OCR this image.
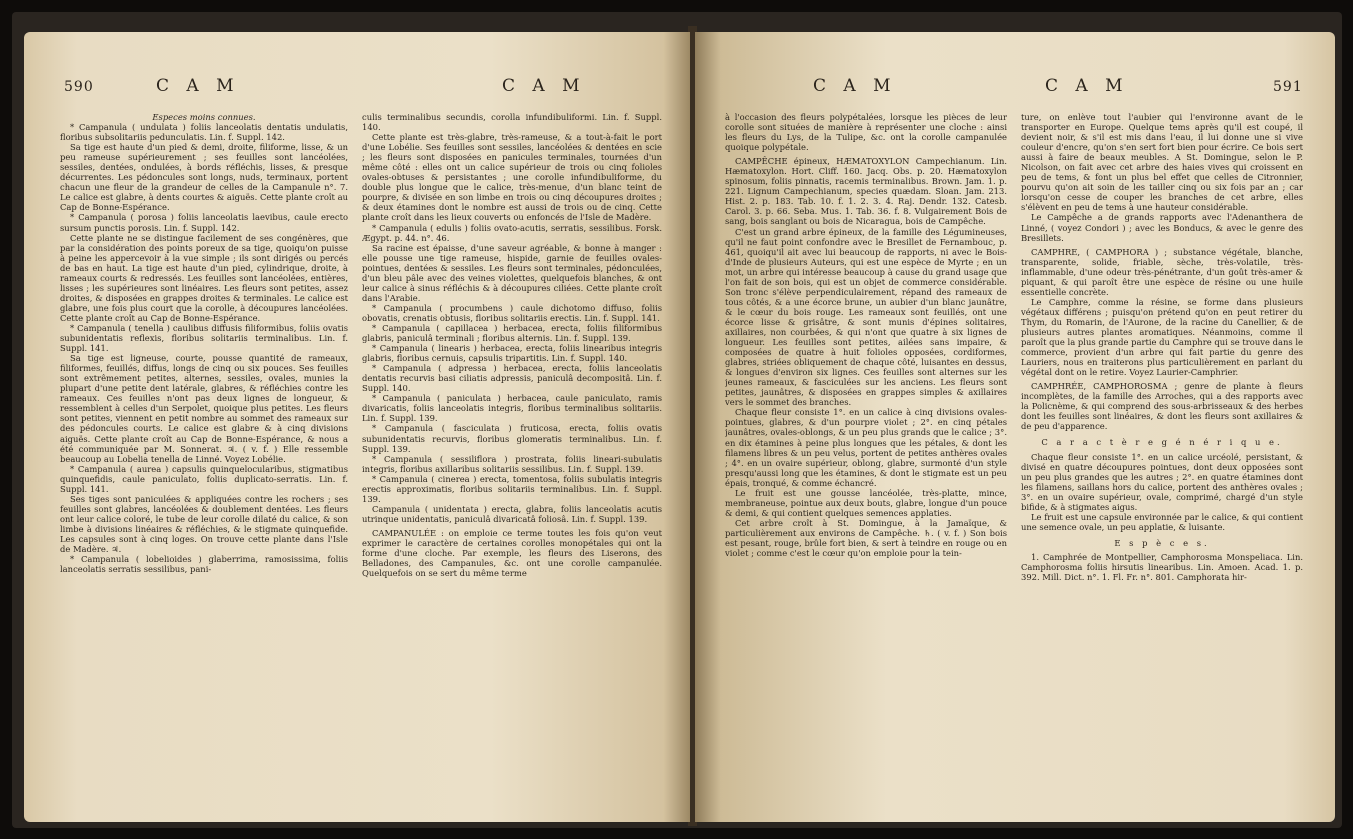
590	C A M	C A M

Especes moins connues.

* Campanula ( undulata ) foliis lanceolatis dentatis undulatis, floribus subsolitariis pedunculatis. Lin. f. Suppl. 142.

Sa tige est haute d'un pied & demi, droite, filiforme, lisse, & un peu rameuse supérieurement ; ses feuilles sont lancéolées, sessiles, dentées, ondulées, à bords réfléchis, lisses, & presque décurrentes. Les pédoncules sont longs, nuds, terminaux, portent chacun une fleur de la grandeur de celles de la Campanule n°. 7. Le calice est glabre, à dents courtes & aiguës. Cette plante croît au Cap de Bonne-Espérance.

* Campanula ( porosa ) foliis lanceolatis laevibus, caule erecto sursum punctis porosis. Lin. f. Suppl. 142.

Cette plante ne se distingue facilement de ses congénères, que par la considération des points poreux de sa tige, quoiqu'on puisse à peine les appercevoir à la vue simple ; ils sont dirigés ou percés de bas en haut. La tige est haute d'un pied, cylindrique, droite, à rameaux courts & redressés. Les feuilles sont lancéolées, entières, lisses ; les supérieures sont linéaires. Les fleurs sont petites, assez droites, & disposées en grappes droites & terminales. Le calice est glabre, une fois plus court que la corolle, à découpures lancéolées. Cette plante croît au Cap de Bonne-Espérance.

* Campanula ( tenella ) caulibus diffusis filiformibus, foliis ovatis subunidentatis reflexis, floribus solitariis terminalibus. Lin. f. Suppl. 141.

Sa tige est ligneuse, courte, pousse quantité de rameaux, filiformes, feuillés, diffus, longs de cinq ou six pouces. Ses feuilles sont extrêmement petites, alternes, sessiles, ovales, munies la plupart d'une petite dent latérale, glabres, & réfléchies contre les rameaux. Ces feuilles n'ont pas deux lignes de longueur, & ressemblent à celles d'un Serpolet, quoique plus petites. Les fleurs sont petites, viennent en petit nombre au sommet des rameaux sur des pédoncules courts. Le calice est glabre & à cinq divisions aiguës. Cette plante croît au Cap de Bonne-Espérance, & nous a été communiquée par M. Sonnerat. ♃. ( v. f. ) Elle ressemble beaucoup au Lobelia tenella de Linné. Voyez Lobélie.

* Campanula ( aurea ) capsulis quinquelocularibus, stigmatibus quinquefidis, caule paniculato, foliis duplicato-serratis. Lin. f. Suppl. 141.

Ses tiges sont paniculées & appliquées contre les rochers ; ses feuilles sont glabres, lancéolées & doublement dentées. Les fleurs ont leur calice coloré, le tube de leur corolle dilaté du calice, & son limbe à divisions linéaires & réfléchies, & le stigmate quinquefide. Les capsules sont à cinq loges. On trouve cette plante dans l'Isle de Madère. ♃.

* Campanula ( lobelioides ) glaberrima, ramosissima, foliis lanceolatis serratis sessilibus, pani-

culis terminalibus secundis, corolla infundibuliformi. Lin. f. Suppl. 140.

Cette plante est très-glabre, très-rameuse, & a tout-à-fait le port d'une Lobélie. Ses feuilles sont sessiles, lancéolées & dentées en scie ; les fleurs sont disposées en panicules terminales, tournées d'un même côté : elles ont un calice supérieur de trois ou cinq folioles ovales-obtuses & persistantes ; une corolle infundibuliforme, du double plus longue que le calice, très-menue, d'un blanc teint de pourpre, & divisée en son limbe en trois ou cinq découpures droites ; & deux étamines dont le nombre est aussi de trois ou de cinq. Cette plante croît dans les lieux couverts ou enfoncés de l'Isle de Madère.

* Campanula ( edulis ) foliis ovato-acutis, serratis, sessilibus. Forsk. Ægypt. p. 44. n°. 46.

Sa racine est épaisse, d'une saveur agréable, & bonne à manger : elle pousse une tige rameuse, hispide, garnie de feuilles ovales-pointues, dentées & sessiles. Les fleurs sont terminales, pédonculées, d'un bleu pâle avec des veines violettes, quelquefois blanches, & ont leur calice à sinus réfléchis & à découpures ciliées. Cette plante croît dans l'Arabie.

* Campanula ( procumbens ) caule dichotomo diffuso, foliis obovatis, crenatis obtusis, floribus solitariis erectis. Lin. f. Suppl. 141.

* Campanula ( capillacea ) herbacea, erecta, foliis filiformibus glabris, paniculâ terminali ; floribus alternis. Lin. f. Suppl. 139.

* Campanula ( linearis ) herbacea, erecta, foliis linearibus integris glabris, floribus cernuis, capsulis tripartitis. Lin. f. Suppl. 140.

* Campanula ( adpressa ) herbacea, erecta, foliis lanceolatis dentatis recurvis basi ciliatis adpressis, paniculâ decompositâ. Lin. f. Suppl. 140.

* Campanula ( paniculata ) herbacea, caule paniculato, ramis divaricatis, foliis lanceolatis integris, floribus terminalibus solitariis. Lin. f. Suppl. 139.

* Campanula ( fasciculata ) fruticosa, erecta, foliis ovatis subunidentatis recurvis, floribus glomeratis terminalibus. Lin. f. Suppl. 139.

* Campanula ( sessiliflora ) prostrata, foliis lineari-subulatis integris, floribus axillaribus solitariis sessilibus. Lin. f. Suppl. 139.

* Campanula ( cinerea ) erecta, tomentosa, foliis subulatis integris erectis approximatis, floribus solitariis terminalibus. Lin. f. Suppl. 139.

Campanula ( unidentata ) erecta, glabra, foliis lanceolatis acutis utrinque unidentatis, paniculâ divaricatâ foliosâ. Lin. f. Suppl. 139.

CAMPANULÉE : on emploie ce terme toutes les fois qu'on veut exprimer le caractère de certaines corolles monopétales qui ont la forme d'une cloche. Par exemple, les fleurs des Liserons, des Belladones, des Campanules, &c. ont une corolle campanulée. Quelquefois on se sert du même terme

C A M	C A M	591

à l'occasion des fleurs polypétalées, lorsque les pièces de leur corolle sont situées de manière à représenter une cloche : ainsi les fleurs du Lys, de la Tulipe, &c. ont la corolle campanulée quoique polypétale.

CAMPÊCHE épineux, HÆMATOXYLON Campechianum. Lin. Hæmatoxylon. Hort. Cliff. 160. Jacq. Obs. p. 20. Hæmatoxylon spinosum, foliis pinnatis, racemis terminalibus. Brown. Jam. 1. p. 221. Lignum Campechianum, species quædam. Sloan. Jam. 213. Hist. 2. p. 183. Tab. 10. f. 1. 2. 3. 4. Raj. Dendr. 132. Catesb. Carol. 3. p. 66. Seba. Mus. 1. Tab. 36. f. 8. Vulgairement Bois de sang, bois sanglant ou bois de Nicaragua, bois de Campêche.

C'est un grand arbre épineux, de la famille des Légumineuses, qu'il ne faut point confondre avec le Bresillet de Fernambouc, p. 461, quoiqu'il ait avec lui beaucoup de rapports, ni avec le Bois-d'Inde de plusieurs Auteurs, qui est une espèce de Myrte ; en un mot, un arbre qui intéresse beaucoup à cause du grand usage que l'on fait de son bois, qui est un objet de commerce considérable. Son tronc s'élève perpendiculairement, répand des rameaux de tous côtés, & a une écorce brune, un aubier d'un blanc jaunâtre, & le cœur du bois rouge. Les rameaux sont feuillés, ont une écorce lisse & grisâtre, & sont munis d'épines solitaires, axillaires, non courbées, & qui n'ont que quatre à six lignes de longueur. Les feuilles sont petites, ailées sans impaire, & composées de quatre à huit folioles opposées, cordiformes, glabres, striées obliquement de chaque côté, luisantes en dessus, & longues d'environ six lignes. Ces feuilles sont alternes sur les jeunes rameaux, & fasciculées sur les anciens. Les fleurs sont petites, jaunâtres, & disposées en grappes simples & axillaires vers le sommet des branches.

Chaque fleur consiste 1°. en un calice à cinq divisions ovales-pointues, glabres, & d'un pourpre violet ; 2°. en cinq pétales jaunâtres, ovales-oblongs, & un peu plus grands que le calice ; 3°. en dix étamines à peine plus longues que les pétales, & dont les filamens libres & un peu velus, portent de petites anthères ovales ; 4°. en un ovaire supérieur, oblong, glabre, surmonté d'un style presqu'aussi long que les étamines, & dont le stigmate est un peu épais, tronqué, & comme échancré.

Le fruit est une gousse lancéolée, très-platte, mince, membraneuse, pointue aux deux bouts, glabre, longue d'un pouce & demi, & qui contient quelques semences applaties.

Cet arbre croît à St. Domingue, à la Jamaïque, & particulièrement aux environs de Campêche. ♄. ( v. f. ) Son bois est pesant, rouge, brûle fort bien, & sert à teindre en rouge ou en violet ; comme c'est le cœur qu'on emploie pour la tein-

ture, on enlève tout l'aubier qui l'environne avant de le transporter en Europe. Quelque tems après qu'il est coupé, il devient noir, & s'il est mis dans l'eau, il lui donne une si vive couleur d'encre, qu'on s'en sert fort bien pour écrire. Ce bois sert aussi à faire de beaux meubles. A St. Domingue, selon le P. Nicolson, on fait avec cet arbre des haies vives qui croissent en peu de tems, & font un plus bel effet que celles de Citronnier, pourvu qu'on ait soin de les tailler cinq ou six fois par an ; car lorsqu'on cesse de couper les branches de cet arbre, elles s'élèvent en peu de tems à une hauteur considérable.

Le Campêche a de grands rapports avec l'Adenanthera de Linné, ( voyez Condori ) ; avec les Bonducs, & avec le genre des Bresillets.

CAMPHRE, ( CAMPHORA ) ; substance végétale, blanche, transparente, solide, friable, sèche, très-volatile, très-inflammable, d'une odeur très-pénétrante, d'un goût très-amer & piquant, & qui paroît être une espèce de résine ou une huile essentielle concrète.

Le Camphre, comme la résine, se forme dans plusieurs végétaux différens ; puisqu'on prétend qu'on en peut retirer du Thym, du Romarin, de l'Aurone, de la racine du Canellier, & de plusieurs autres plantes aromatiques. Néanmoins, comme il paroît que la plus grande partie du Camphre qui se trouve dans le commerce, provient d'un arbre qui fait partie du genre des Lauriers, nous en traiterons plus particulièrement en parlant du végétal dont on le retire. Voyez Laurier-Camphrier.

CAMPHRÉE, CAMPHOROSMA ; genre de plante à fleurs incomplètes, de la famille des Arroches, qui a des rapports avec la Policnème, & qui comprend des sous-arbrisseaux & des herbes dont les feuilles sont linéaires, & dont les fleurs sont axillaires & de peu d'apparence.

C a r a c t è r e g é n é r i q u e.

Chaque fleur consiste 1°. en un calice urcéolé, persistant, & divisé en quatre découpures pointues, dont deux opposées sont un peu plus grandes que les autres ; 2°. en quatre étamines dont les filamens, saillans hors du calice, portent des anthères ovales ; 3°. en un ovaire supérieur, ovale, comprimé, chargé d'un style bifide, & à stigmates aigus.

Le fruit est une capsule environnée par le calice, & qui contient une semence ovale, un peu applatie, & luisante.

E s p è c e s.

1. Camphrée de Montpellier, Camphorosma Monspeliaca. Lin. Camphorosma foliis hirsutis linearibus. Lin. Amoen. Acad. 1. p. 392. Mill. Dict. n°. 1. Fl. Fr. n°. 801. Camphorata hir-
